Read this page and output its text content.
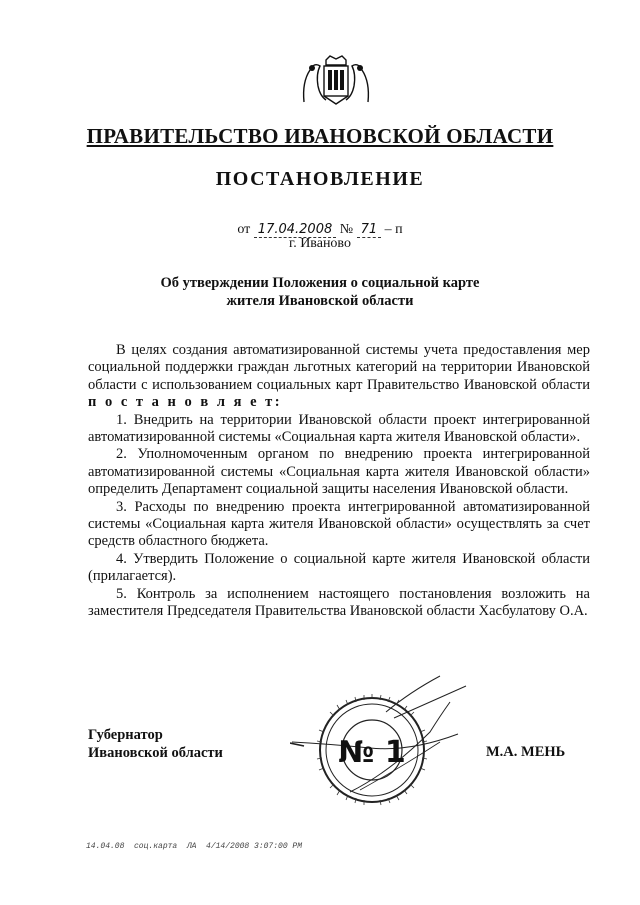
ПРАВИТЕЛЬСТВО ИВАНОВСКОЙ ОБЛАСТИ
ПОСТАНОВЛЕНИЕ
от 17.04.2008 № 71 – п
г. Иваново
Об утверждении Положения о социальной карте
жителя Ивановской области

В целях создания автоматизированной системы учета предоставления мер социальной поддержки граждан льготных категорий на территории Ивановской области с использованием социальных карт Правительство Ивановской области п о с т а н о в л я е т:

1. Внедрить на территории Ивановской области проект интегрированной автоматизированной системы «Социальная карта жителя Ивановской области».

2. Уполномоченным органом по внедрению проекта интегрированной автоматизированной системы «Социальная карта жителя Ивановской области» определить Департамент социальной защиты населения Ивановской области.

3. Расходы по внедрению проекта интегрированной автоматизированной системы «Социальная карта жителя Ивановской области» осуществлять за счет средств областного бюджета.

4. Утвердить Положение о социальной карте жителя Ивановской области (прилагается).

5. Контроль за исполнением настоящего постановления возложить на заместителя Председателя Правительства Ивановской области Хасбулатову О.А.

Губернатор
Ивановской области	№ 1	М.А. МЕНЬ
14.04.08  соц.карта  ЛА  4/14/2008 3:07:00 PM
